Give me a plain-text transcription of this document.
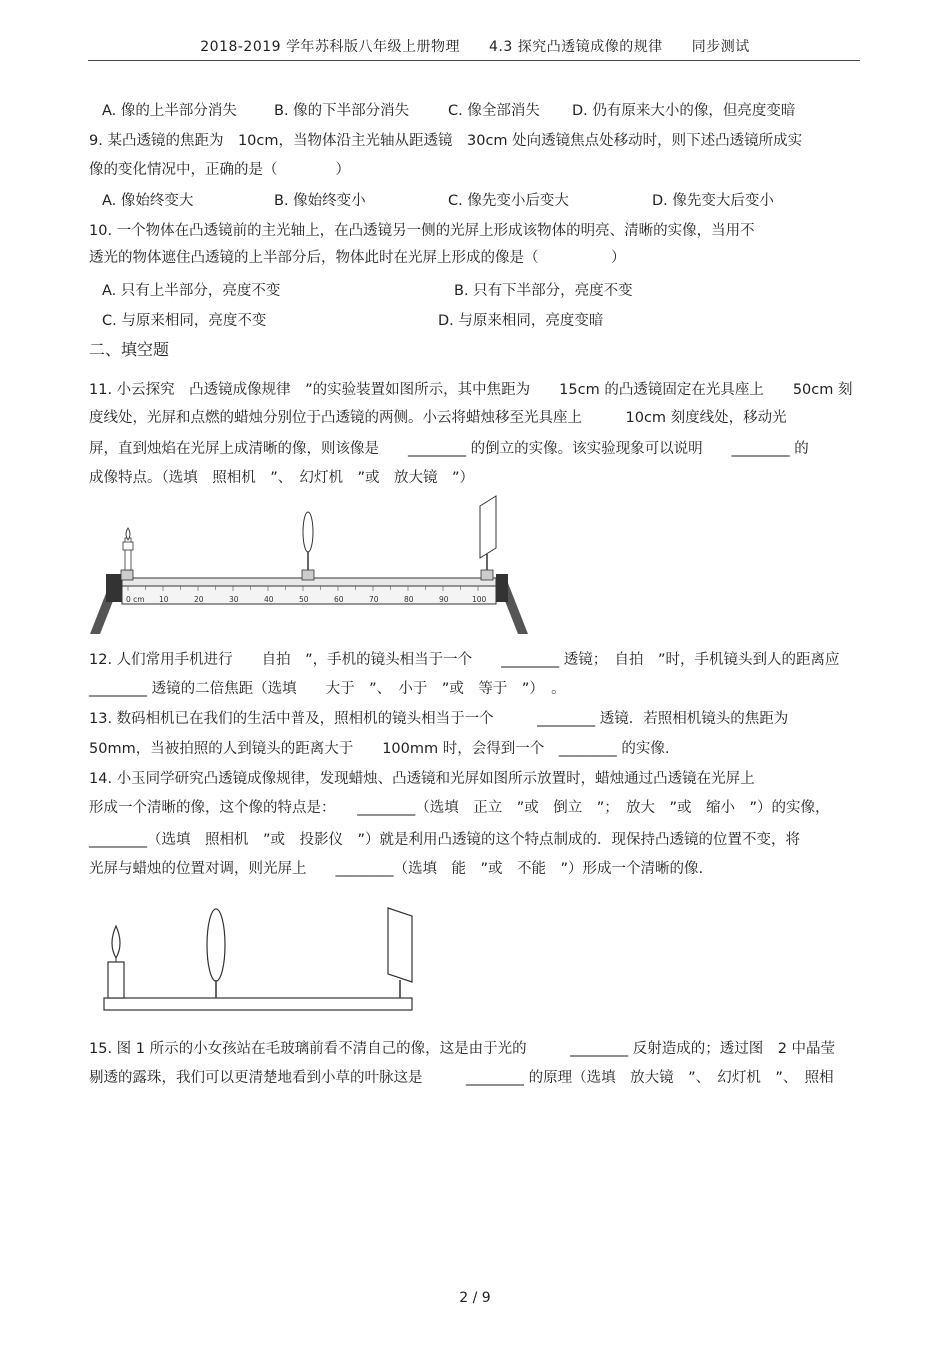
2018-2019 学年苏科版八年级上册物理　　4.3 探究凸透镜成像的规律　　同步测试
A. 像的上半部分消失	B. 像的下半部分消失	C. 像全部消失 D. 仍有原来大小的像，但亮度变暗
9. 某凸透镜的焦距为　10cm，当物体沿主光轴从距透镜　30cm 处向透镜焦点处移动时，则下述凸透镜所成实
像的变化情况中，正确的是（　　　　）
A. 像始终变大	B. 像始终变小	C. 像先变小后变大	D. 像先变大后变小
10. 一个物体在凸透镜前的主光轴上，在凸透镜另一侧的光屏上形成该物体的明亮、清晰的实像，当用不
透光的物体遮住凸透镜的上半部分后，物体此时在光屏上形成的像是（　　　　　）
A. 只有上半部分，亮度不变	B. 只有下半部分，亮度不变
C. 与原来相同，亮度不变	D. 与原来相同，亮度变暗
二、填空题
11. 小云探究　凸透镜成像规律　”的实验装置如图所示，其中焦距为　　15cm 的凸透镜固定在光具座上　　50cm 刻
度线处，光屏和点燃的蜡烛分别位于凸透镜的两侧。小云将蜡烛移至光具座上　　　10cm 刻度线处，移动光
屏，直到烛焰在光屏上成清晰的像，则该像是　　________ 的倒立的实像。该实验现象可以说明　　________ 的
成像特点。（选填　照相机　”、　幻灯机　”或　放大镜　”）
0 cm 10	20	30	40	50	60	70	80	90	100
12. 人们常用手机进行　　自拍　”，手机的镜头相当于一个　　________ 透镜；　自拍　”时，手机镜头到人的距离应
________ 透镜的二倍焦距（选填　　大于　”、　小于　”或　等于　”）　。
13. 数码相机已在我们的生活中普及，照相机的镜头相当于一个　　　________ 透镜．若照相机镜头的焦距为
50mm，当被拍照的人到镜头的距离大于　　100mm 时，会得到一个　________ 的实像.
14. 小玉同学研究凸透镜成像规律，发现蜡烛、凸透镜和光屏如图所示放置时，蜡烛通过凸透镜在光屏上
形成一个清晰的像，这个像的特点是：　　________（选填　正立　”或　倒立　”；　放大　”或　缩小　”）的实像，
________（选填　照相机　”或　投影仪　”）就是利用凸透镜的这个特点制成的．现保持凸透镜的位置不变，将
光屏与蜡烛的位置对调，则光屏上　　________（选填　能　”或　不能　”）形成一个清晰的像.
15. 图 1 所示的小女孩站在毛玻璃前看不清自己的像，这是由于光的　　　________ 反射造成的；透过图　2 中晶莹
剔透的露珠，我们可以更清楚地看到小草的叶脉这是　　　________ 的原理（选填　放大镜　”、　幻灯机　”、　照相
2 / 9
